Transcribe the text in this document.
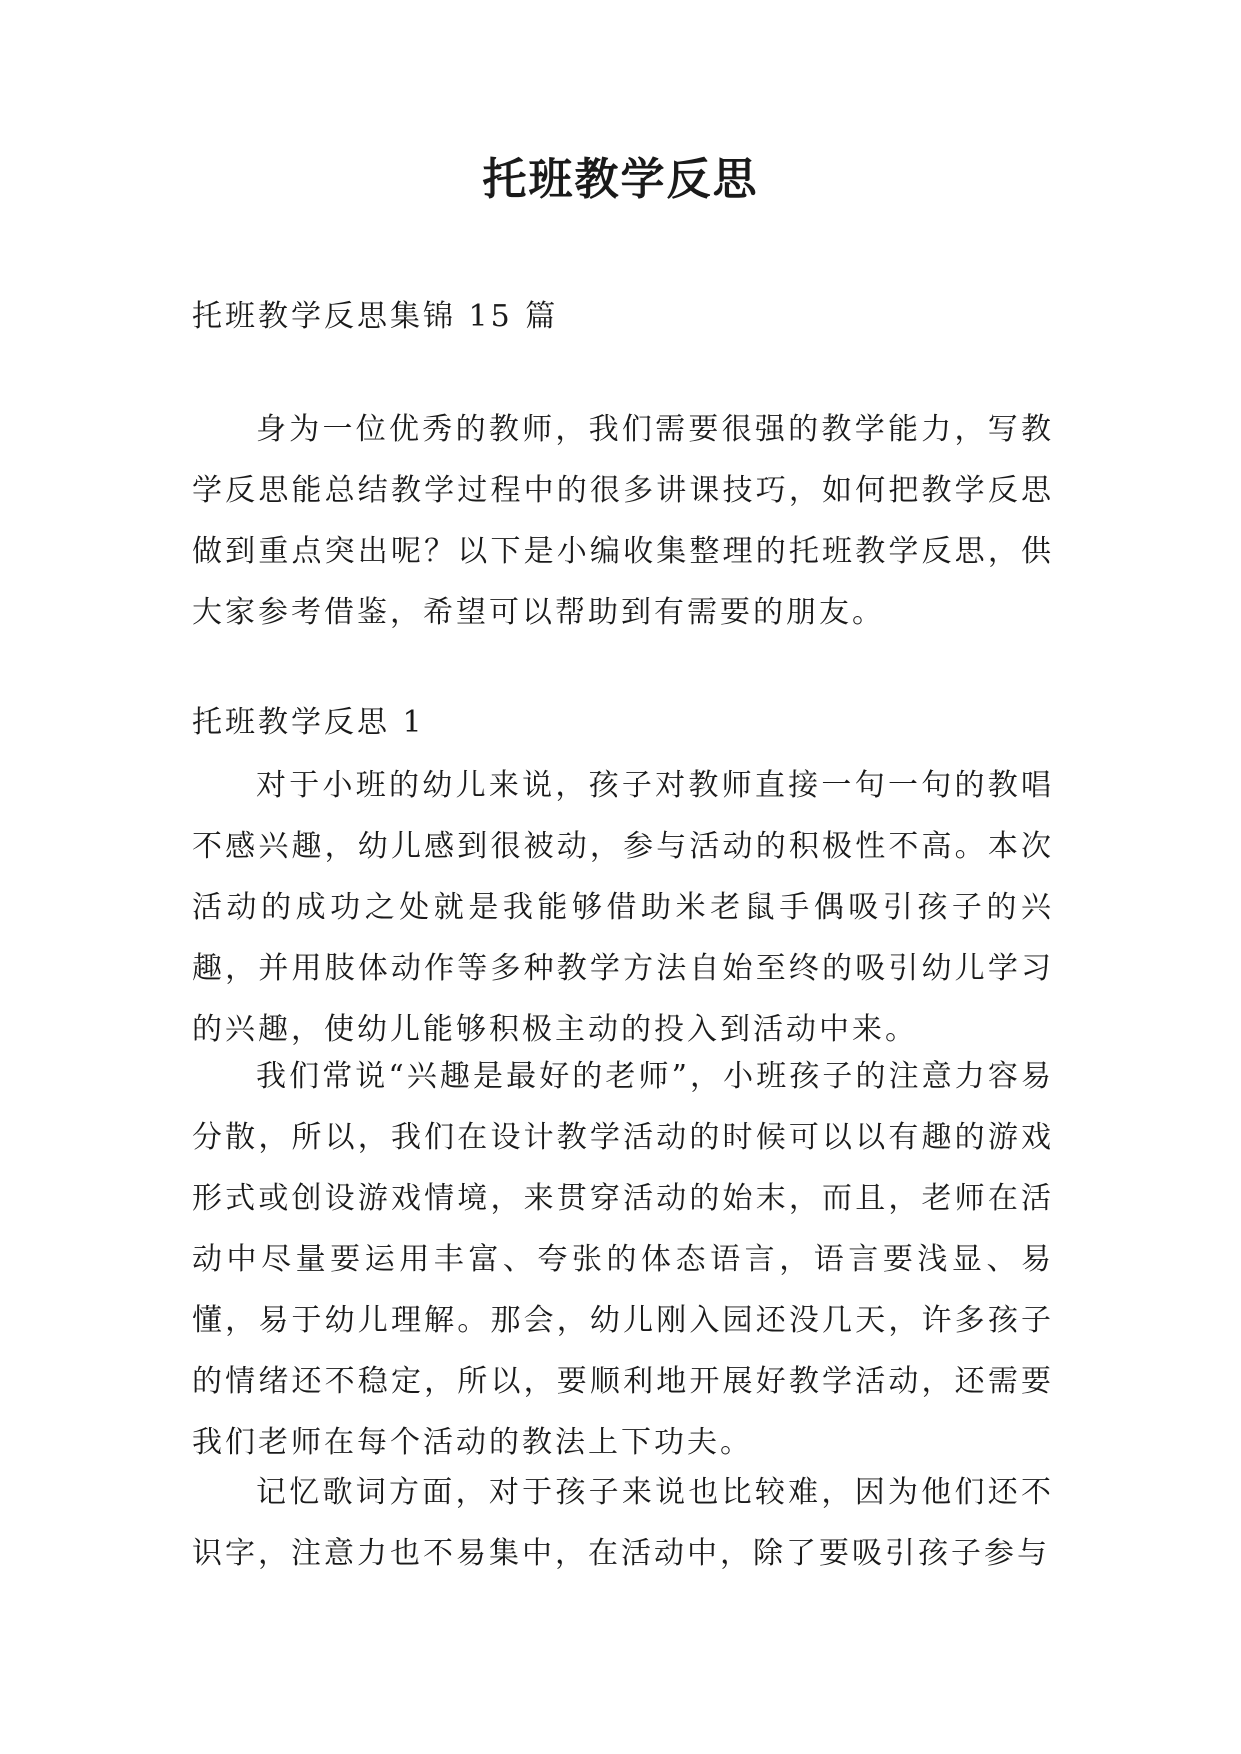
托班教学反思
托班教学反思集锦 15 篇

身为一位优秀的教师，我们需要很强的教学能力，写教学反思能总结教学过程中的很多讲课技巧，如何把教学反思做到重点突出呢？以下是小编收集整理的托班教学反思，供大家参考借鉴，希望可以帮助到有需要的朋友。

托班教学反思 1

对于小班的幼儿来说，孩子对教师直接一句一句的教唱不感兴趣，幼儿感到很被动，参与活动的积极性不高。本次活动的成功之处就是我能够借助米老鼠手偶吸引孩子的兴趣，并用肢体动作等多种教学方法自始至终的吸引幼儿学习的兴趣，使幼儿能够积极主动的投入到活动中来。

我们常说“兴趣是最好的老师”，小班孩子的注意力容易分散，所以，我们在设计教学活动的时候可以以有趣的游戏形式或创设游戏情境，来贯穿活动的始末，而且，老师在活动中尽量要运用丰富、夸张的体态语言，语言要浅显、易懂，易于幼儿理解。那会，幼儿刚入园还没几天，许多孩子的情绪还不稳定，所以，要顺利地开展好教学活动，还需要我们老师在每个活动的教法上下功夫。

记忆歌词方面，对于孩子来说也比较难，因为他们还不识字，注意力也不易集中，在活动中，除了要吸引孩子参与
